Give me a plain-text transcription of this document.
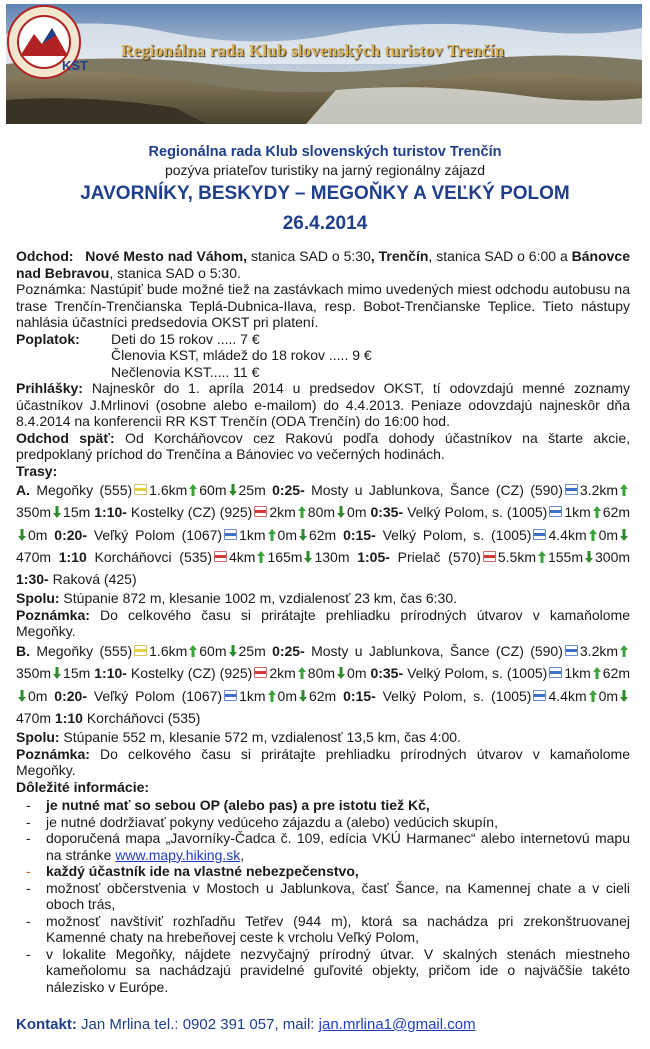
KST
Regionálna rada Klub slovenských turistov Trenčín
Regionálna rada Klub slovenských turistov Trenčín
pozýva priateľov turistiky na jarný regionálny zájazd
JAVORNÍKY, BESKYDY – MEGOŇKY A VEĽKÝ POLOM
26.4.2014

Odchod: Nové Mesto nad Váhom, stanica SAD o 5:30, Trenčín, stanica SAD o 6:00 a Bánovce nad Bebravou, stanica SAD o 5:30.

Poznámka: Nastúpiť bude možné tiež na zastávkach mimo uvedených miest odchodu autobusu na trase Trenčín-Trenčianska Teplá-Dubnica-Ilava, resp. Bobot-Trenčianske Teplice. Tieto nástupy nahlásia účastníci predsedovia OKST pri platení.

Poplatok:	Deti do 15 rokov ..... 7 €
Členovia KST, mládež do 18 rokov ..... 9 €
Nečlenovia KST..... 11 €

Prihlášky: Najneskôr do 1. apríla 2014 u predsedov OKST, tí odovzdajú menné zoznamy účastníkov J.Mrlinovi (osobne alebo e-mailom) do 4.4.2013. Peniaze odovzdajú najneskôr dňa 8.4.2014 na konferencii RR KST Trenčín (ODA Trenčín) do 16:00 hod.

Odchod späť: Od Korcháňovcov cez Rakovú podľa dohody účastníkov na štarte akcie, predpoklaný príchod do Trenčína a Bánoviec vo večerných hodinách.

Trasy:

A. Megoňky (555) 1.6km 60m 25m 0:25- Mosty u Jablunkova, Šance (CZ) (590) 3.2km350m 15m 1:10- Kostelky (CZ) (925) 2km 80m 0m 0:35- Velký Polom, s. (1005) 1km 62m0m 0:20- Veľký Polom (1067) 1km 0m 62m 0:15- Velký Polom, s. (1005) 4.4km 0m470m 1:10 Korcháňovci (535) 4km 165m 130m 1:05- Prielač (570) 5.5km 155m 300m 1:30- Raková (425)

Spolu: Stúpanie 872 m, klesanie 1002 m, vzdialenosť 23 km, čas 6:30.

Poznámka: Do celkového času si prirátajte prehliadku prírodných útvarov v kamaňolome Megoňky.

B. Megoňky (555) 1.6km 60m 25m 0:25- Mosty u Jablunkova, Šance (CZ) (590) 3.2km350m 15m 1:10- Kostelky (CZ) (925) 2km 80m 0m 0:35- Velký Polom, s. (1005) 1km 62m0m 0:20- Veľký Polom (1067) 1km 0m 62m 0:15- Velký Polom, s. (1005) 4.4km 0m470m 1:10 Korcháňovci (535)

Spolu: Stúpanie 552 m, klesanie 572 m, vzdialenosť 13,5 km, čas 4:00.

Poznámka: Do celkového času si prirátajte prehliadku prírodných útvarov v kamaňolome Megoňky.

Dôležité informácie:

-	je nutné mať so sebou OP (alebo pas) a pre istotu tiež Kč,
-	je nutné dodržiavať pokyny vedúceho zájazdu a (alebo) vedúcich skupín,
-	doporučená mapa „Javorníky-Čadca č. 109, edícia VKÚ Harmanec“ alebo internetovú mapu na stránke www.mapy.hiking.sk,
-	každý účastník ide na vlastné nebezpečenstvo,
-	možnosť občerstvenia v Mostoch u Jablunkova, časť Šance, na Kamennej chate a v cieli oboch trás,
-	možnosť navštíviť rozhľadňu Tetřev (944 m), ktorá sa nachádza pri zrekonštruovanej Kamenné chaty na hrebeňovej ceste k vrcholu Veľký Polom,
-	v lokalite Megoňky, nájdete nezvyčajný prírodný útvar. V skalných stenách miestneho kameňolomu sa nachádzajú pravidelné guľovité objekty, pričom ide o najväčšie takéto nálezisko v Európe.
Kontakt: Jan Mrlina tel.: 0902 391 057, mail: jan.mrlina1@gmail.com
